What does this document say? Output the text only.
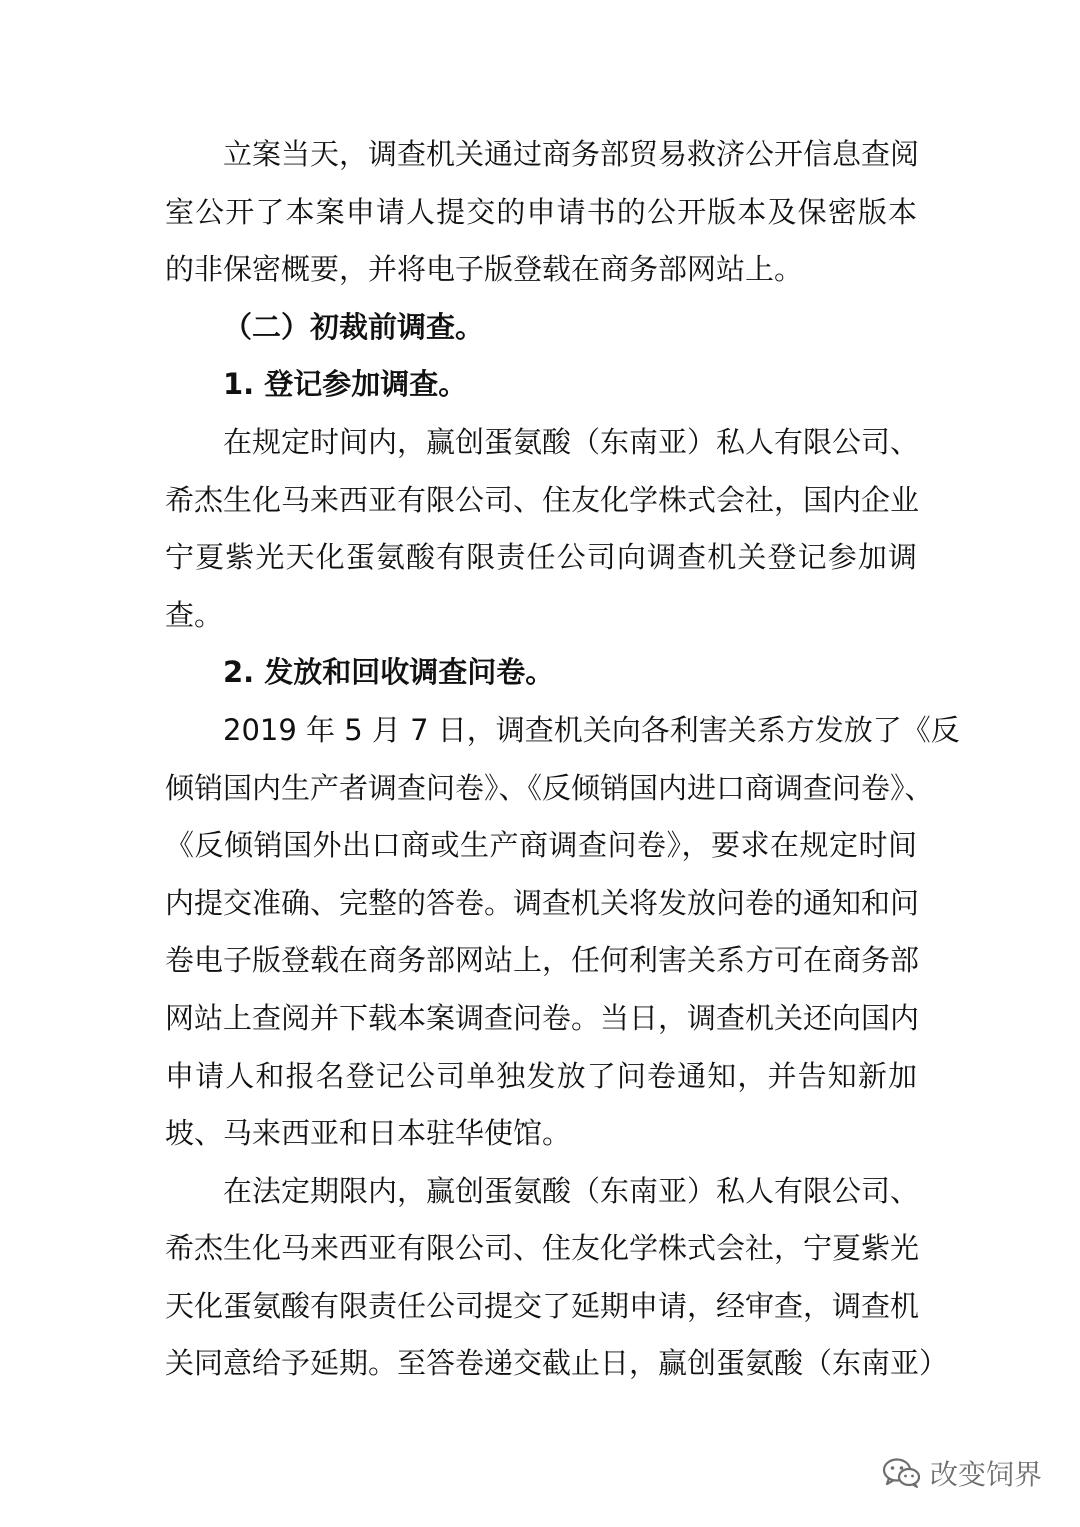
立案当天，调查机关通过商务部贸易救济公开信息查阅
室公开了本案申请人提交的申请书的公开版本及保密版本
的非保密概要，并将电子版登载在商务部网站上。
（二）初裁前调查。
1. 登记参加调查。
在规定时间内，赢创蛋氨酸（东南亚）私人有限公司、
希杰生化马来西亚有限公司、住友化学株式会社，国内企业
宁夏紫光天化蛋氨酸有限责任公司向调查机关登记参加调
查。
2. 发放和回收调查问卷。
2019 年 5 月 7 日，调查机关向各利害关系方发放了《反
倾销国内生产者调查问卷》、《反倾销国内进口商调查问卷》、
《反倾销国外出口商或生产商调查问卷》，要求在规定时间
内提交准确、完整的答卷。调查机关将发放问卷的通知和问
卷电子版登载在商务部网站上，任何利害关系方可在商务部
网站上查阅并下载本案调查问卷。当日，调查机关还向国内
申请人和报名登记公司单独发放了问卷通知，并告知新加
坡、马来西亚和日本驻华使馆。
在法定期限内，赢创蛋氨酸（东南亚）私人有限公司、
希杰生化马来西亚有限公司、住友化学株式会社，宁夏紫光
天化蛋氨酸有限责任公司提交了延期申请，经审查，调查机
关同意给予延期。至答卷递交截止日，赢创蛋氨酸（东南亚）
改变饲界
